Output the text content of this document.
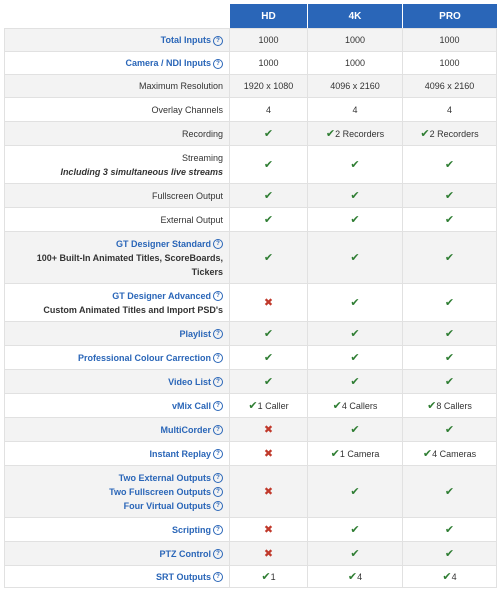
	HD	4K	PRO

Total Inputs ?	1000	1000	1000

Camera / NDI Inputs ?	1000	1000	1000

Maximum Resolution	1920 x 1080	4096 x 2160	4096 x 2160

Overlay Channels	4	4	4

Recording	✔	✔2 Recorders	✔2 Recorders

Streaming
Including 3 simultaneous live streams	✔	✔	✔

Fullscreen Output	✔	✔	✔

External Output	✔	✔	✔

GT Designer Standard ?
100+ Built-In Animated Titles, ScoreBoards,
Tickers	✔	✔	✔

GT Designer Advanced ?
Custom Animated Titles and Import PSD's	✖	✔	✔

Playlist ?	✔	✔	✔

Professional Colour Carrection ?	✔	✔	✔

Video List ?	✔	✔	✔

vMix Call ?	✔1 Caller	✔4 Callers	✔8 Callers

MultiCorder ?	✖	✔	✔

Instant Replay ?	✖	✔1 Camera	✔4 Cameras

Two External Outputs ?
Two Fullscreen Outputs ?
Four Virtual Outputs ?	✖	✔	✔

Scripting ?	✖	✔	✔

PTZ Control ?	✖	✔	✔

SRT Outputs ?	✔1	✔4	✔4
